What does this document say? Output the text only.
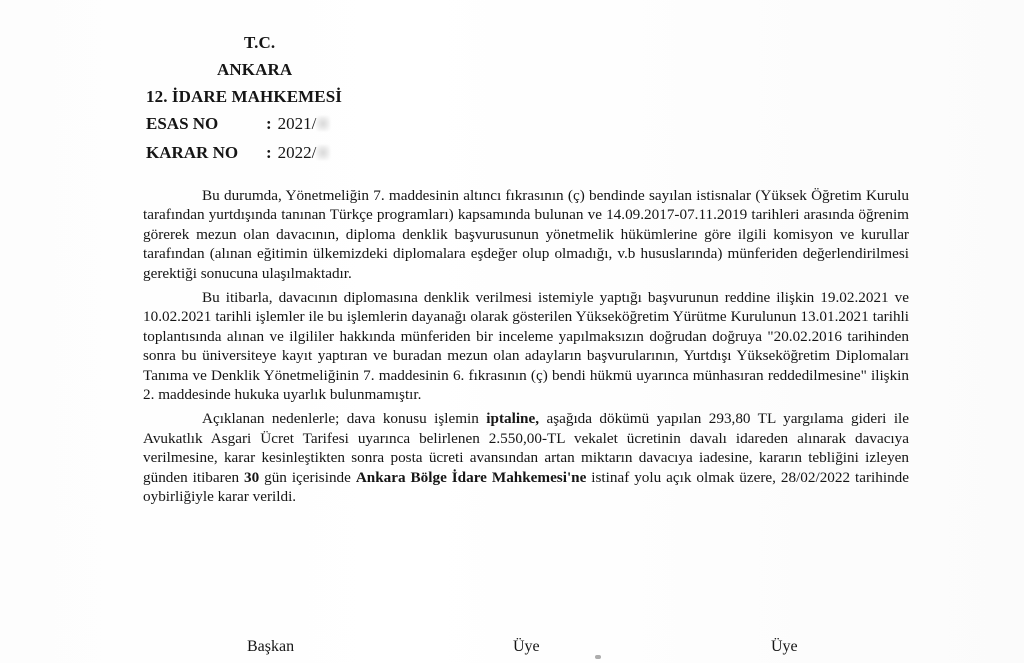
T.C.
ANKARA
12. İDARE MAHKEMESİ
ESAS NO	: 2021/
KARAR NO : 2022/

Bu durumda, Yönetmeliğin 7. maddesinin altıncı fıkrasının (ç) bendinde sayılan istisnalar (Yüksek Öğretim Kurulu tarafından yurtdışında tanınan Türkçe programları) kapsamında bulunan ve 14.09.2017-07.11.2019 tarihleri arasında öğrenim görerek mezun olan davacının, diploma denklik başvurusunun yönetmelik hükümlerine göre ilgili komisyon ve kurullar tarafından (alınan eğitimin ülkemizdeki diplomalara eşdeğer olup olmadığı, v.b hususlarında) münferiden değerlendirilmesi gerektiği sonucuna ulaşılmaktadır.

Bu itibarla, davacının diplomasına denklik verilmesi istemiyle yaptığı başvurunun reddine ilişkin 19.02.2021 ve 10.02.2021 tarihli işlemler ile bu işlemlerin dayanağı olarak gösterilen Yükseköğretim Yürütme Kurulunun 13.01.2021 tarihli toplantısında alınan ve ilgililer hakkında münferiden bir inceleme yapılmaksızın doğrudan doğruya "20.02.2016 tarihinden sonra bu üniversiteye kayıt yaptıran ve buradan mezun olan adayların başvurularının, Yurtdışı Yükseköğretim Diplomaları Tanıma ve Denklik Yönetmeliğinin 7. maddesinin 6. fıkrasının (ç) bendi hükmü uyarınca münhasıran reddedilmesine" ilişkin 2. maddesinde hukuka uyarlık bulunmamıştır.

Açıklanan nedenlerle; dava konusu işlemin iptaline, aşağıda dökümü yapılan 293,80 TL yargılama gideri ile Avukatlık Asgari Ücret Tarifesi uyarınca belirlenen 2.550,00-TL vekalet ücretinin davalı idareden alınarak davacıya verilmesine, karar kesinleştikten sonra posta ücreti avansından artan miktarın davacıya iadesine, kararın tebliğini izleyen günden itibaren 30 gün içerisinde Ankara Bölge İdare Mahkemesi'ne istinaf yolu açık olmak üzere, 28/02/2022 tarihinde oybirliğiyle karar verildi.

Başkan	Üye	Üye
